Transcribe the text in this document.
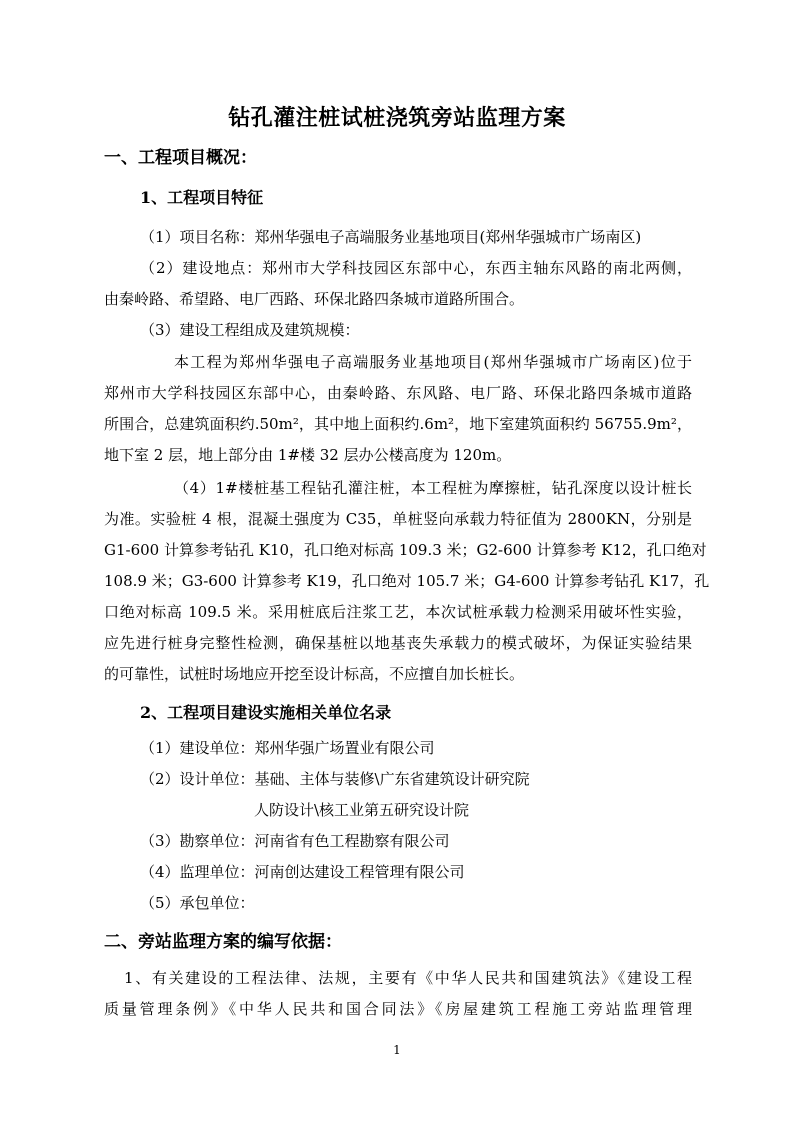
钻孔灌注桩试桩浇筑旁站监理方案
一、工程项目概况：
1、工程项目特征
（1）项目名称：郑州华强电子高端服务业基地项目(郑州华强城市广场南区)
（2）建设地点：郑州市大学科技园区东部中心，东西主轴东风路的南北两侧，
由秦岭路、希望路、电厂西路、环保北路四条城市道路所围合。
（3）建设工程组成及建筑规模：
本工程为郑州华强电子高端服务业基地项目(郑州华强城市广场南区)位于
郑州市大学科技园区东部中心，由秦岭路、东风路、电厂路、环保北路四条城市道路
所围合，总建筑面积约.50m²，其中地上面积约.6m²，地下室建筑面积约 56755.9m²，
地下室 2 层，地上部分由 1#楼 32 层办公楼高度为 120m。
（4）1#楼桩基工程钻孔灌注桩，本工程桩为摩擦桩，钻孔深度以设计桩长
为准。实验桩 4 根，混凝土强度为 C35，单桩竖向承载力特征值为 2800KN，分别是
G1-600 计算参考钻孔 K10，孔口绝对标高 109.3 米；G2-600 计算参考 K12，孔口绝对
108.9 米；G3-600 计算参考 K19，孔口绝对 105.7 米；G4-600 计算参考钻孔 K17，孔
口绝对标高 109.5 米。采用桩底后注浆工艺，本次试桩承载力检测采用破坏性实验，
应先进行桩身完整性检测，确保基桩以地基丧失承载力的模式破坏，为保证实验结果
的可靠性，试桩时场地应开挖至设计标高，不应擅自加长桩长。
2、工程项目建设实施相关单位名录
（1）建设单位：郑州华强广场置业有限公司
（2）设计单位：基础、主体与装修\广东省建筑设计研究院
人防设计\核工业第五研究设计院
（3）勘察单位：河南省有色工程勘察有限公司
（4）监理单位：河南创达建设工程管理有限公司
（5）承包单位：
二、旁站监理方案的编写依据：
1、有关建设的工程法律、法规，主要有《中华人民共和国建筑法》《建设工程
质量管理条例》《中华人民共和国合同法》《房屋建筑工程施工旁站监理管理
1
